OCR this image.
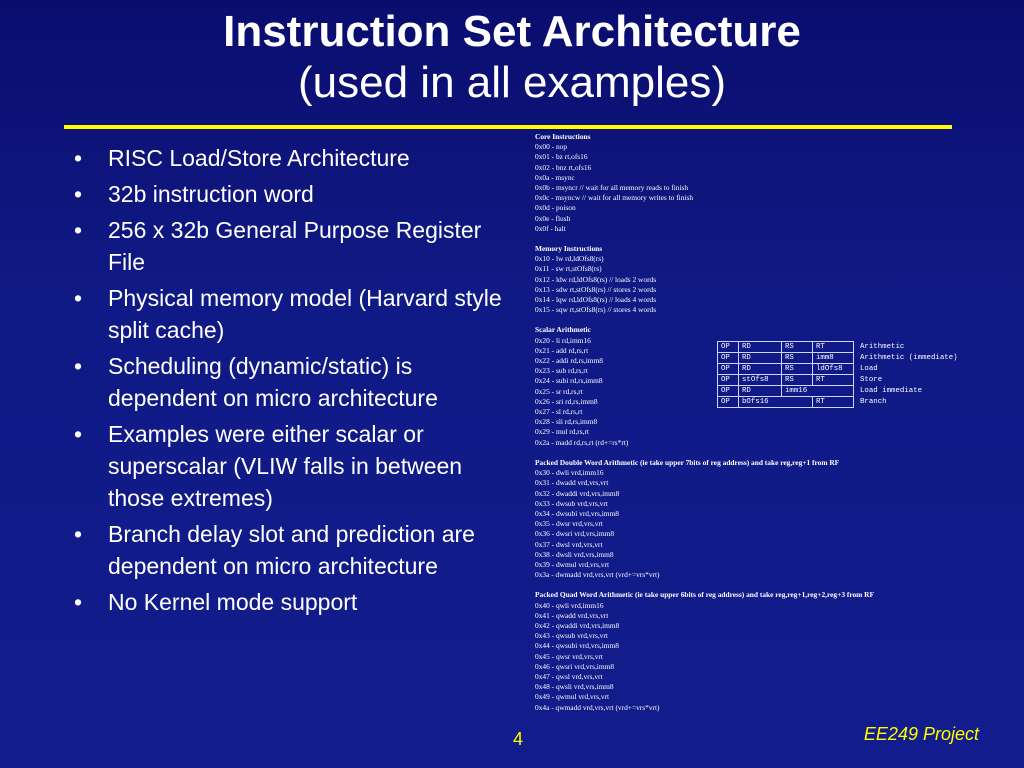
Instruction Set Architecture
(used in all examples)
• RISC Load/Store Architecture
• 32b instruction word
• 256 x 32b General Purpose Register File
• Physical memory model (Harvard style split cache)
• Scheduling (dynamic/static) is dependent on micro architecture
• Examples were either scalar or superscalar (VLIW falls in between those extremes)
• Branch delay slot and prediction are dependent on micro architecture
• No Kernel mode support
Core Instructions
0x00 - nop
0x01 - bz rt,ofs16
0x02 - bnz rt,ofs16
0x0a - msync
0x0b - msyncr // wait for all memory reads to finish
0x0c - msyncw // wait for all memory writes to finish
0x0d - poison
0x0e - flush
0x0f - halt
Memory Instructions
0x10 - lw rd,ldOfs8(rs)
0x11 - sw rt,stOfs8(rs)
0x12 - ldw rd,ldOfs8(rs) // loads 2 words
0x13 - sdw rt,stOfs8(rs) // stores 2 words
0x14 - lqw rd,ldOfs8(rs) // loads 4 words
0x15 - sqw rt,stOfs8(rs) // stores 4 words
Scalar Arithmetic
0x20 - li rd,imm16
0x21 - add rd,rs,rt
0x22 - addi rd,rs,imm8
0x23 - sub rd,rs,rt
0x24 - subi rd,rs,imm8
0x25 - sr rd,rs,rt
0x26 - sri rd,rs,imm8
0x27 - sl rd,rs,rt
0x28 - sli rd,rs,imm8
0x29 - mul rd,rs,rt
0x2a - madd rd,rs,rt (rd+=rs*rt)
Packed Double Word Arithmetic (ie take upper 7bits of reg address) and take reg,reg+1 from RF
0x30 - dwli vrd,imm16
0x31 - dwadd vrd,vrs,vrt
0x32 - dwaddi vrd,vrs,imm8
0x33 - dwsub vrd,vrs,vrt
0x34 - dwsubi vrd,vrs,imm8
0x35 - dwsr vrd,vrs,vrt
0x36 - dwsri vrd,vrs,imm8
0x37 - dwsl vrd,vrs,vrt
0x38 - dwsli vrd,vrs,imm8
0x39 - dwmul vrd,vrs,vrt
0x3a - dwmadd vrd,vrs,vrt (vrd+=vrs*vrt)
Packed Quad Word Arithmetic (ie take upper 6bits of reg address) and take reg,reg+1,reg+2,reg+3 from RF
0x40 - qwli vrd,imm16
0x41 - qwadd vrd,vrs,vrt
0x42 - qwaddi vrd,vrs,imm8
0x43 - qwsub vrd,vrs,vrt
0x44 - qwsubi vrd,vrs,imm8
0x45 - qwsr vrd,vrs,vrt
0x46 - qwsri vrd,vrs,imm8
0x47 - qwsl vrd,vrs,vrt
0x48 - qwsli vrd,vrs,imm8
0x49 - qwmul vrd,vrs,vrt
0x4a - qwmadd vrd,vrs,vrt (vrd+=vrs*vrt)
OP	RD	RS	RT	Arithmetic
OP	RD	RS	imm8	Arithmetic (immediate)
OP	RD	RS	ldOfs8	Load
OP	stOfs8	RS	RT	Store
OP	RD	imm16		Load immediate
OP	bOfs16		RT	Branch
4	EE249 Project
